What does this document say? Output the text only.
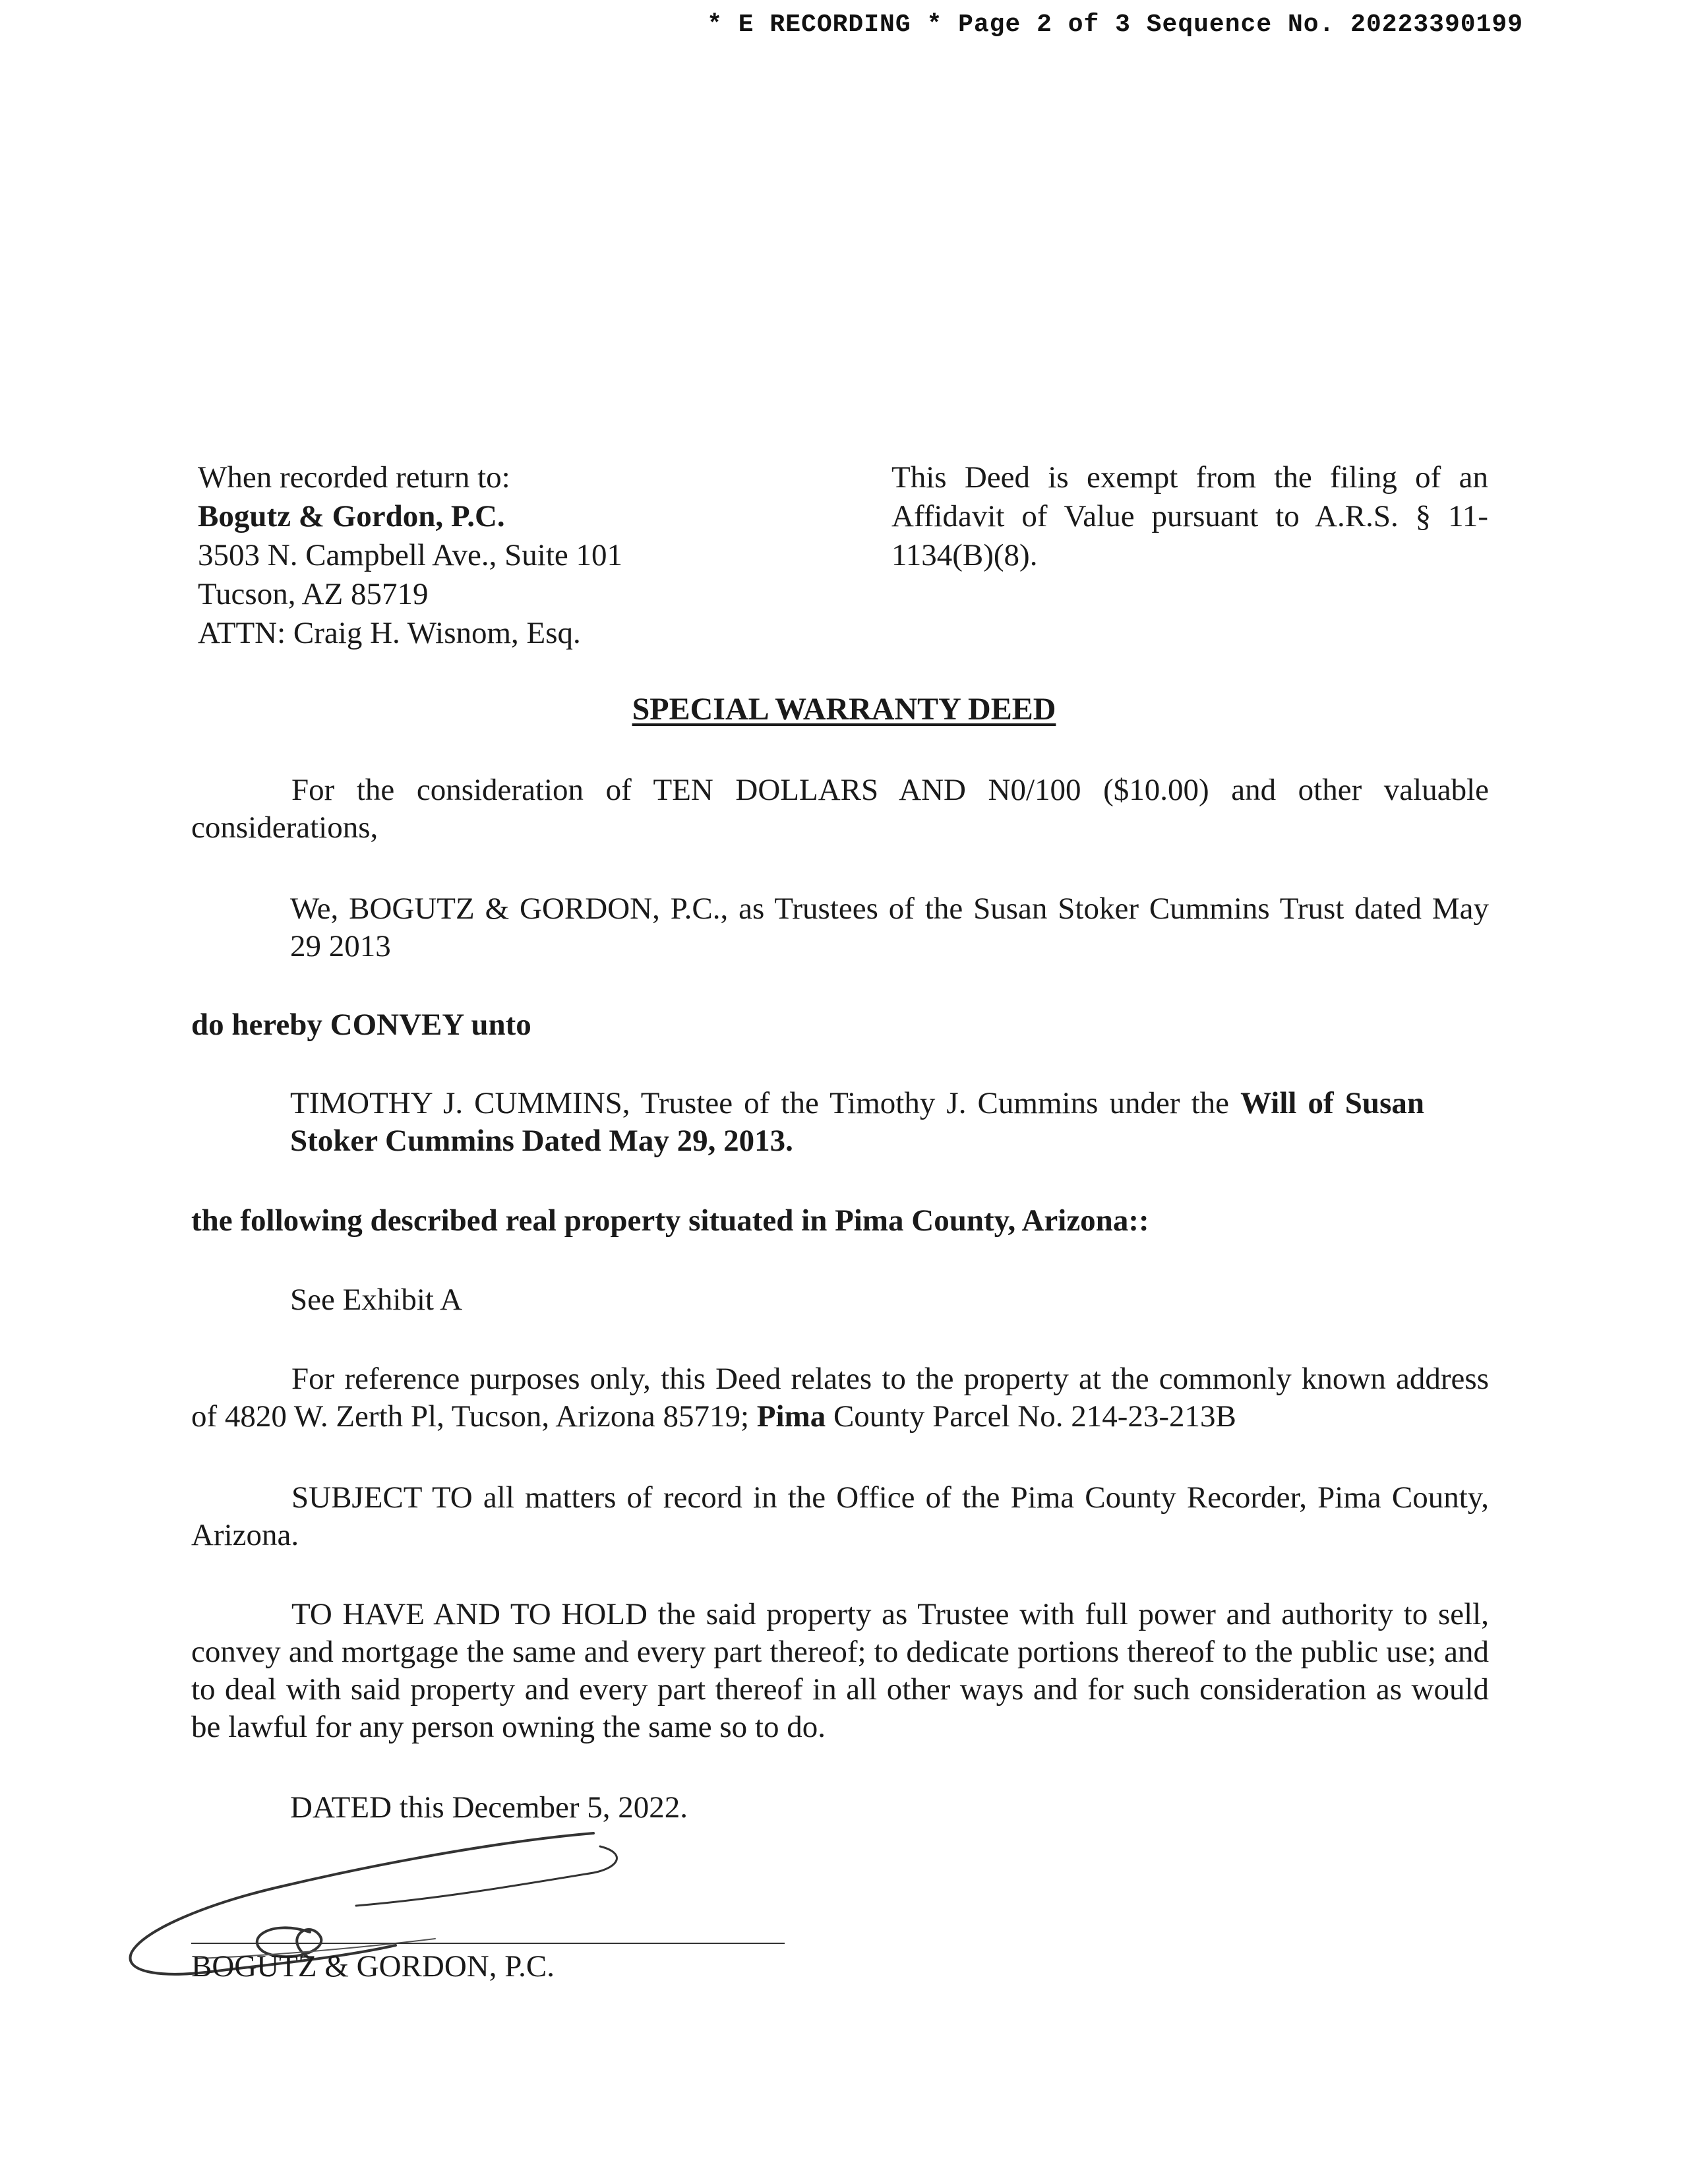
* E RECORDING * Page 2 of 3 Sequence No. 20223390199
When recorded return to:
Bogutz & Gordon, P.C.
3503 N. Campbell Ave., Suite 101
Tucson, AZ 85719
ATTN: Craig H. Wisnom, Esq.
This Deed is exempt from the filing of an Affidavit of Value pursuant to A.R.S. § 11-1134(B)(8).
SPECIAL WARRANTY DEED
For the consideration of TEN DOLLARS AND N0/100 ($10.00) and other valuable considerations,
We, BOGUTZ & GORDON, P.C., as Trustees of the Susan Stoker Cummins Trust dated May 29 2013
do hereby CONVEY unto
TIMOTHY J. CUMMINS, Trustee of the Timothy J. Cummins under the Will of Susan Stoker Cummins Dated May 29, 2013.
the following described real property situated in Pima County, Arizona::
See Exhibit A
For reference purposes only, this Deed relates to the property at the commonly known address of 4820 W. Zerth Pl, Tucson, Arizona 85719; Pima County Parcel No. 214-23-213B
SUBJECT TO all matters of record in the Office of the Pima County Recorder, Pima County, Arizona.
TO HAVE AND TO HOLD the said property as Trustee with full power and authority to sell, convey and mortgage the same and every part thereof; to dedicate portions thereof to the public use; and to deal with said property and every part thereof in all other ways and for such consideration as would be lawful for any person owning the same so to do.
DATED this December 5, 2022.
BOGUTZ & GORDON, P.C.
